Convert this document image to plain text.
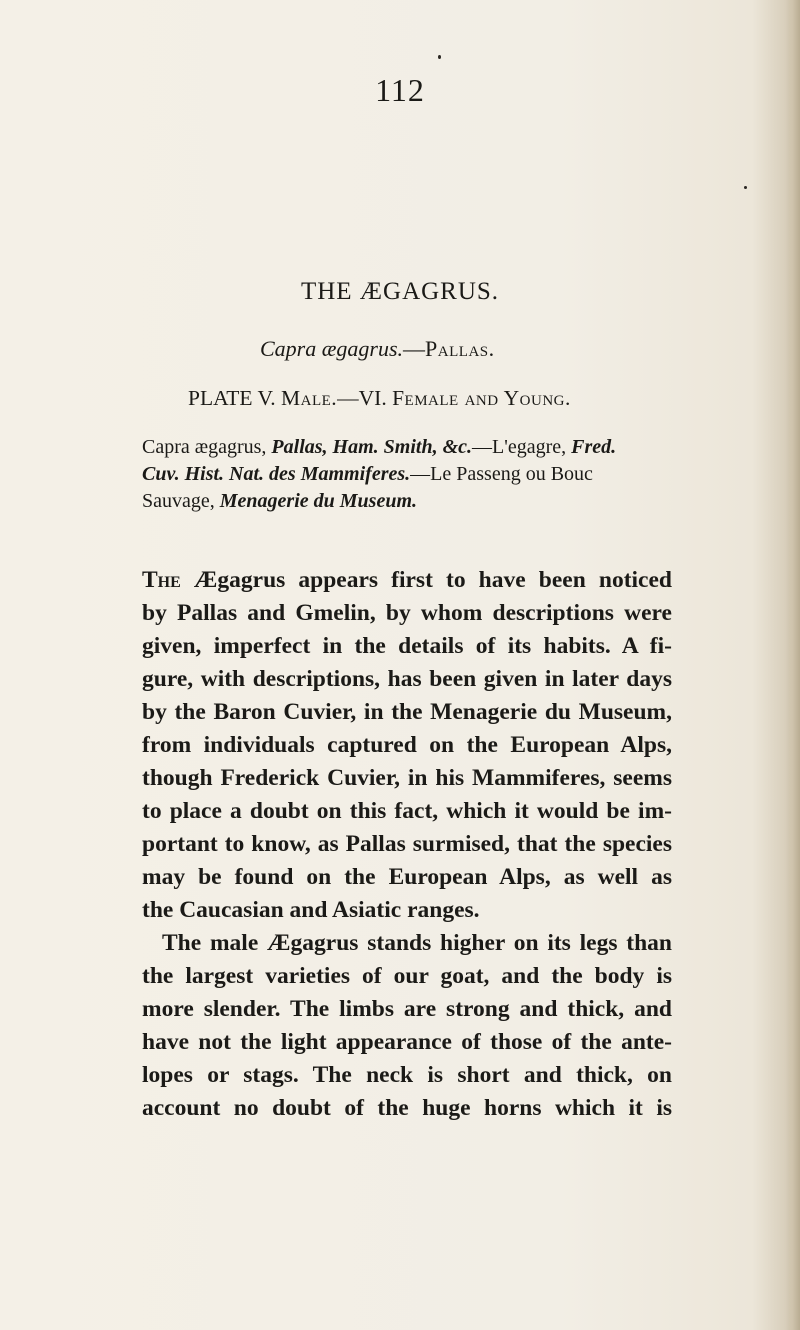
112
THE ÆGAGRUS.
Capra ægagrus.—Pallas.
PLATE V. Male.—VI. Female and Young.
Capra ægagrus, Pallas, Ham. Smith, &c.—L'egagre, Fred.
Cuv. Hist. Nat. des Mammiferes.—Le Passeng ou Bouc
Sauvage, Menagerie du Museum.
The Ægagrus appears first to have been noticed
by Pallas and Gmelin, by whom descriptions were
given, imperfect in the details of its habits. A fi-
gure, with descriptions, has been given in later days
by the Baron Cuvier, in the Menagerie du Museum,
from individuals captured on the European Alps,
though Frederick Cuvier, in his Mammiferes, seems
to place a doubt on this fact, which it would be im-
portant to know, as Pallas surmised, that the species
may be found on the European Alps, as well as
the Caucasian and Asiatic ranges.
The male Ægagrus stands higher on its legs than
the largest varieties of our goat, and the body is
more slender. The limbs are strong and thick, and
have not the light appearance of those of the ante-
lopes or stags. The neck is short and thick, on
account no doubt of the huge horns which it is
